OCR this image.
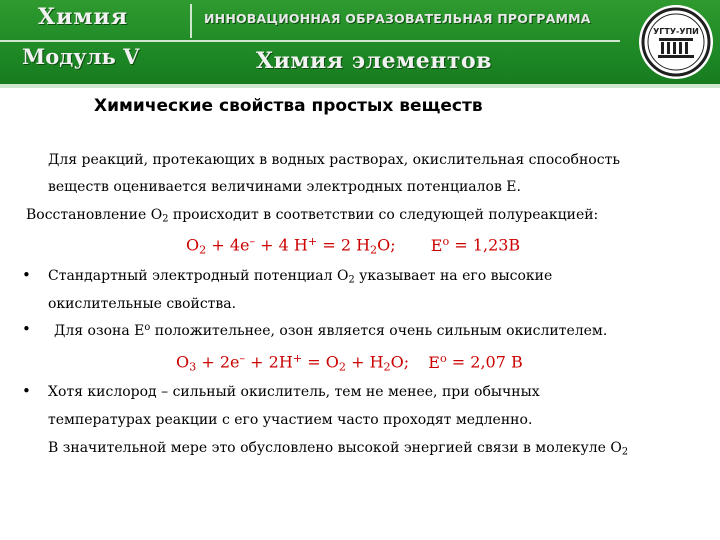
Химия	ИННОВАЦИОННАЯ ОБРАЗОВАТЕЛЬНАЯ ПРОГРАММА
Модуль V	Химия элементов
УГТУ-УПИ
Химические свойства простых веществ
Для реакций, протекающих в водных растворах, окислительная способность
веществ оценивается величинами электродных потенциалов Е.
Восстановление $О_2$ происходит в соответствии со следующей полуреакцией:
$О_2 + 4е^- + 4$ Н+ = 2 $Н_2О$; $Е^о = 1,23В$
• Стандартный электродный потенциал $О_2$ указывает на его высокие
окислительные свойства.
• Для озона $Е^о$ положительнее, озон является очень сильным окислителем.
$О_3 + 2е^- + 2Н^+ = О_2 + Н_2О$; $Е^о = 2,07$ В
• Хотя кислород – сильный окислитель, тем не менее, при обычных
температурах реакции с его участием часто проходят медленно.
В значительной мере это обусловлено высокой энергией связи в молекуле $О_2$
